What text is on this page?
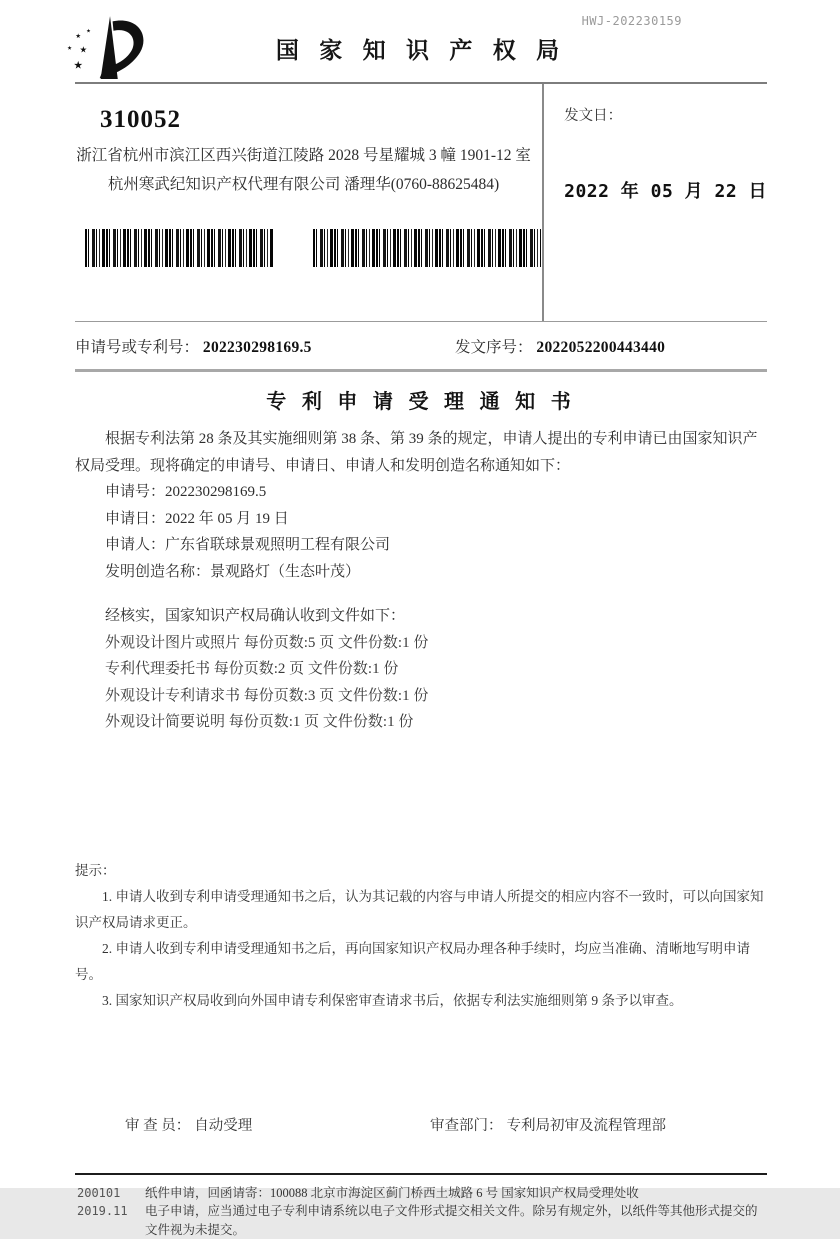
HWJ-202230159
国 家 知 识 产 权 局
310052
浙江省杭州市滨江区西兴街道江陵路 2028 号星耀城 3 幢 1901-12 室
杭州寒武纪知识产权代理有限公司 潘理华(0760-88625484)
发文日：
2022 年 05 月 22 日
申请号或专利号： 202230298169.5	发文序号： 2022052200443440
专 利 申 请 受 理 通 知 书

根据专利法第 28 条及其实施细则第 38 条、第 39 条的规定，申请人提出的专利申请已由国家知识产权局受理。现将确定的申请号、申请日、申请人和发明创造名称通知如下：

申请号：202230298169.5
申请日：2022 年 05 月 19 日
申请人：广东省联球景观照明工程有限公司
发明创造名称：景观路灯（生态叶茂）
经核实，国家知识产权局确认收到文件如下：
外观设计图片或照片 每份页数:5 页 文件份数:1 份
专利代理委托书 每份页数:2 页 文件份数:1 份
外观设计专利请求书 每份页数:3 页 文件份数:1 份
外观设计简要说明 每份页数:1 页 文件份数:1 份
提示：

1. 申请人收到专利申请受理通知书之后，认为其记载的内容与申请人所提交的相应内容不一致时，可以向国家知识产权局请求更正。

2. 申请人收到专利申请受理通知书之后，再向国家知识产权局办理各种手续时，均应当准确、清晰地写明申请号。

3. 国家知识产权局收到向外国申请专利保密审查请求书后，依据专利法实施细则第 9 条予以审查。

审 查 员： 自动受理	审查部门： 专利局初审及流程管理部
200101	纸件申请，回函请寄：100088 北京市海淀区蓟门桥西土城路 6 号 国家知识产权局受理处收
2019.11	电子申请，应当通过电子专利申请系统以电子文件形式提交相关文件。除另有规定外，以纸件等其他形式提交的文件视为未提交。
